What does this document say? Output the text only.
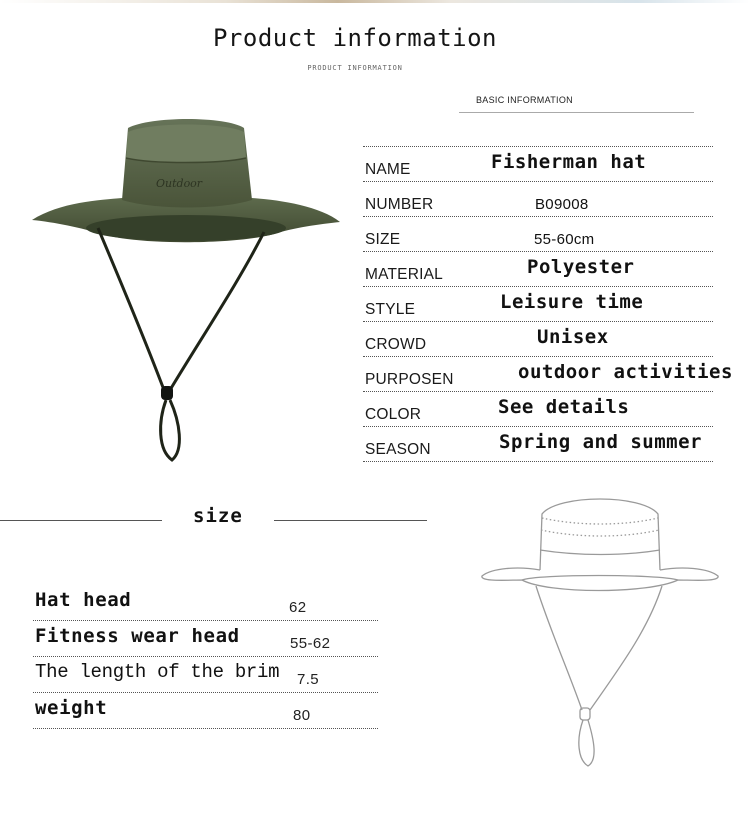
Product information
PRODUCT INFORMATION
BASIC INFORMATION
Outdoor
NAME	Fisherman hat
NUMBER	B09008
SIZE	55-60cm
MATERIAL	Polyester
STYLE	Leisure time
CROWD	Unisex
PURPOSEN	outdoor activities
COLOR	See details
SEASON	Spring and summer
size
Hat head	62
Fitness wear head	55-62
The length of the brim 7.5
weight	80
